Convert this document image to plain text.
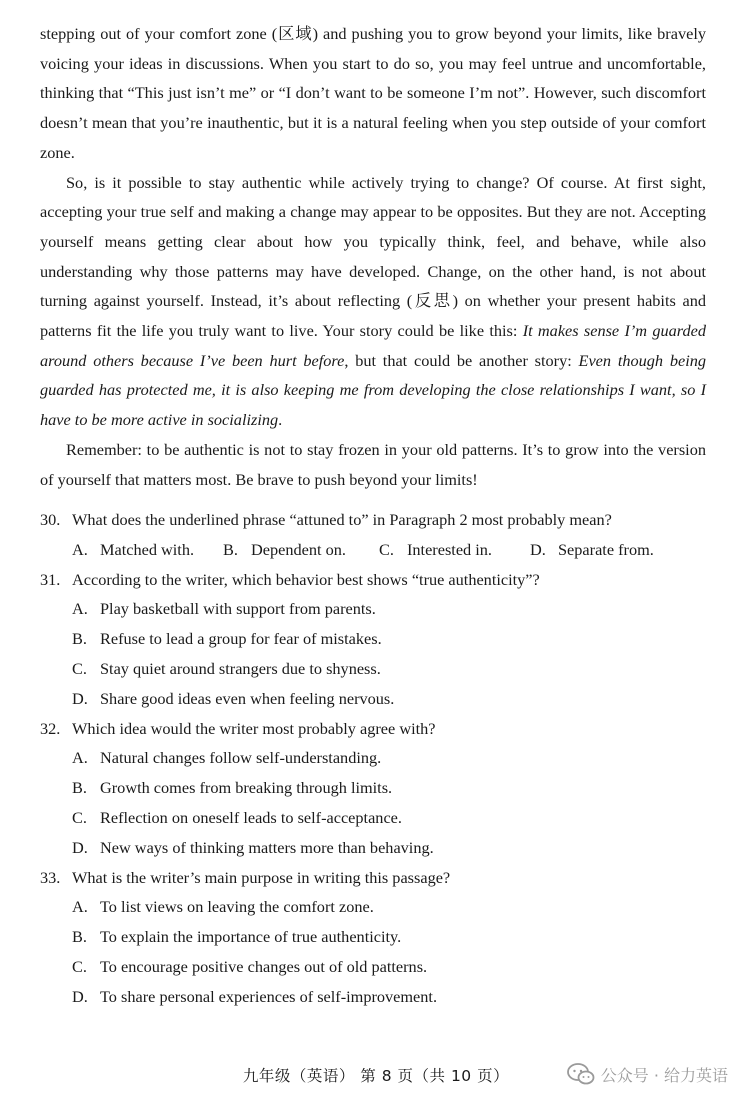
stepping out of your comfort zone (区域) and pushing you to grow beyond your limits, like bravely voicing your ideas in discussions. When you start to do so, you may feel untrue and uncomfortable, thinking that “This just isn’t me” or “I don’t want to be someone I’m not”. However, such discomfort doesn’t mean that you’re inauthentic, but it is a natural feeling when you step outside of your comfort zone.

So, is it possible to stay authentic while actively trying to change? Of course. At first sight, accepting your true self and making a change may appear to be opposites. But they are not. Accepting yourself means getting clear about how you typically think, feel, and behave, while also understanding why those patterns may have developed. Change, on the other hand, is not about turning against yourself. Instead, it’s about reflecting (反思) on whether your present habits and patterns fit the life you truly want to live. Your story could be like this: It makes sense I’m guarded around others because I’ve been hurt before, but that could be another story: Even though being guarded has protected me, it is also keeping me from developing the close relationships I want, so I have to be more active in socializing.

Remember: to be authentic is not to stay frozen in your old patterns. It’s to grow into the version of yourself that matters most. Be brave to push beyond your limits!

30. What does the underlined phrase “attuned to” in Paragraph 2 most probably mean?
A. Matched with. B. Dependent on. C. Interested in. D. Separate from.
31. According to the writer, which behavior best shows “true authenticity”?
A. Play basketball with support from parents.
B. Refuse to lead a group for fear of mistakes.
C. Stay quiet around strangers due to shyness.
D. Share good ideas even when feeling nervous.
32. Which idea would the writer most probably agree with?
A. Natural changes follow self-understanding.
B. Growth comes from breaking through limits.
C. Reflection on oneself leads to self-acceptance.
D. New ways of thinking matters more than behaving.
33. What is the writer’s main purpose in writing this passage?
A. To list views on leaving the comfort zone.
B. To explain the importance of true authenticity.
C. To encourage positive changes out of old patterns.
D. To share personal experiences of self-improvement.
九年级（英语） 第 8 页（共 10 页）	公众号 · 给力英语
